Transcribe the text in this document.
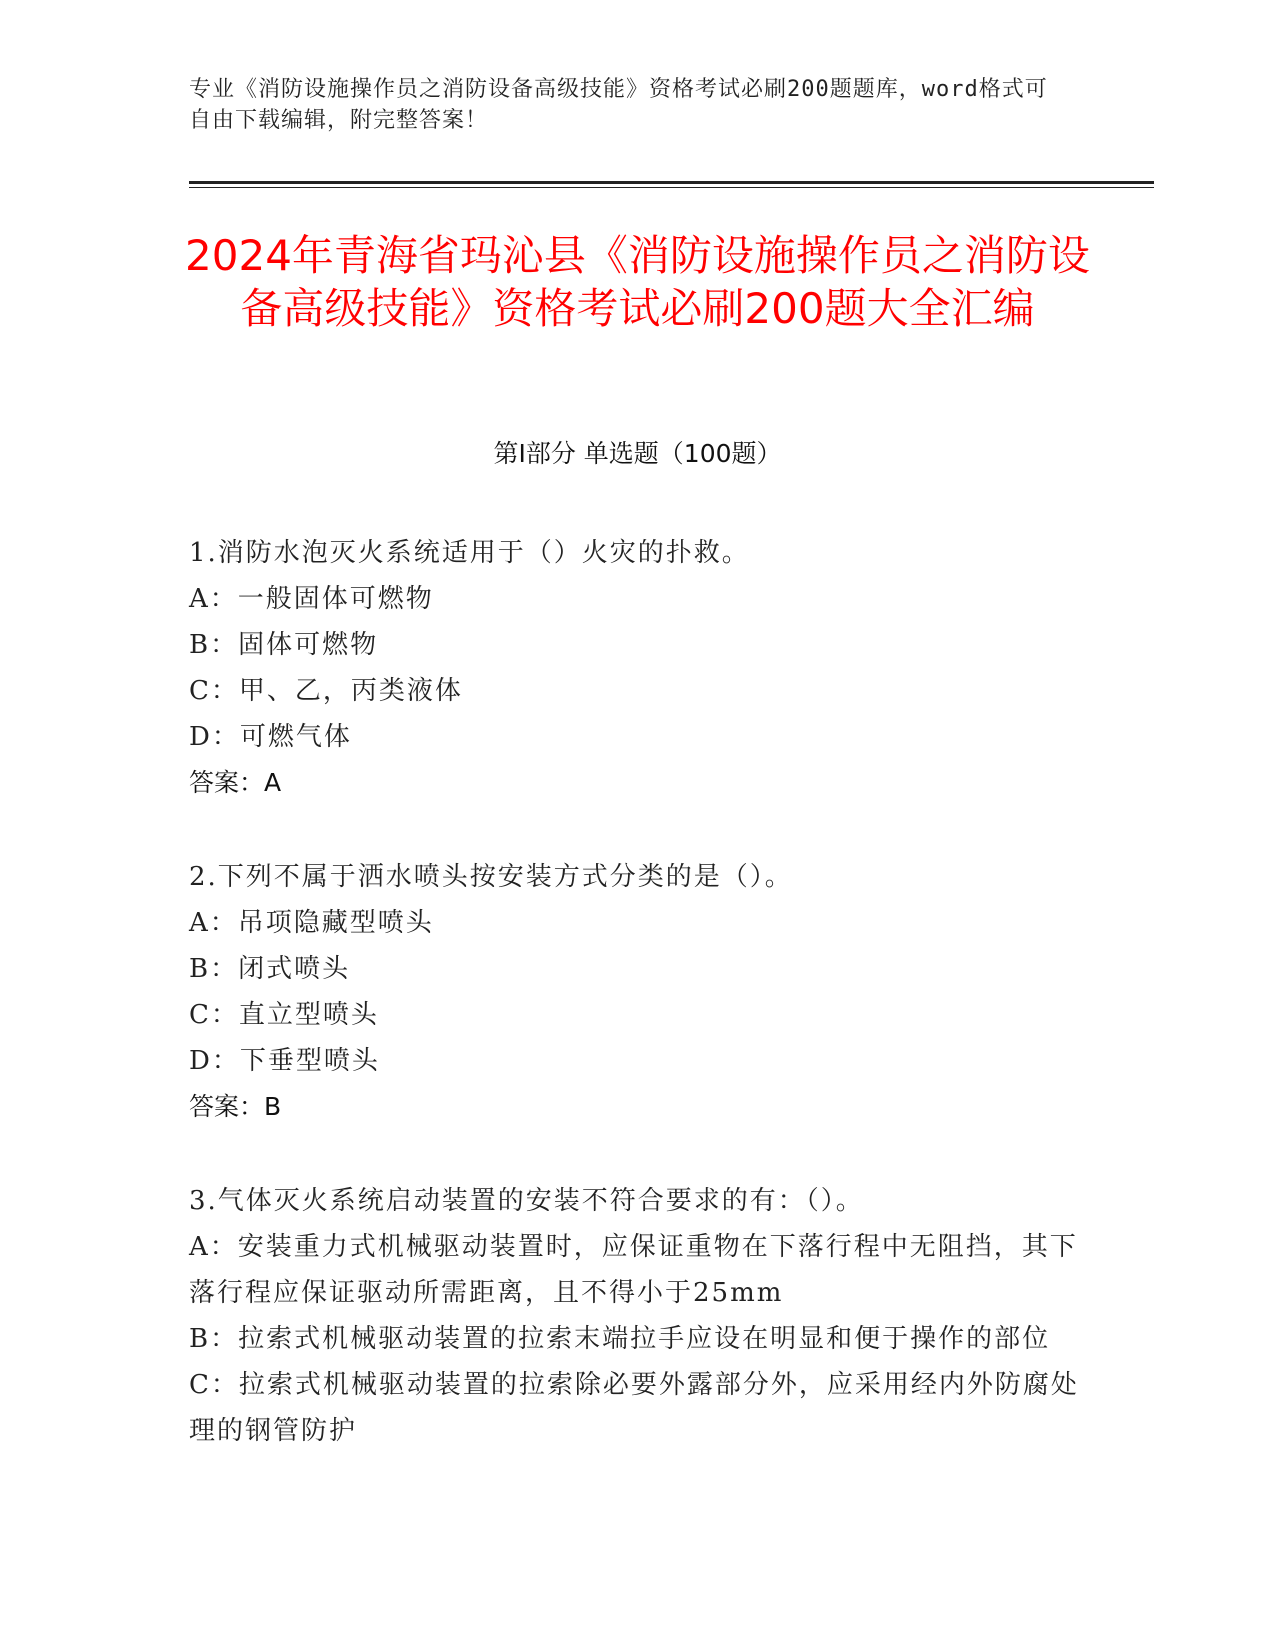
专业《消防设施操作员之消防设备高级技能》资格考试必刷200题题库，word格式可自由下载编辑，附完整答案！
2024年青海省玛沁县《消防设施操作员之消防设备高级技能》资格考试必刷200题大全汇编
第Ⅰ部分 单选题（100题）
1.消防水泡灭火系统适用于（）火灾的扑救。
A：一般固体可燃物
B：固体可燃物
C：甲、乙，丙类液体
D：可燃气体
答案：A
2.下列不属于洒水喷头按安装方式分类的是（）。
A：吊项隐藏型喷头
B：闭式喷头
C：直立型喷头
D：下垂型喷头
答案：B
3.气体灭火系统启动装置的安装不符合要求的有：（）。
A：安装重力式机械驱动装置时，应保证重物在下落行程中无阻挡，其下落行程应保证驱动所需距离，且不得小于25mm
B：拉索式机械驱动装置的拉索末端拉手应设在明显和便于操作的部位
C：拉索式机械驱动装置的拉索除必要外露部分外，应采用经内外防腐处理的钢管防护
